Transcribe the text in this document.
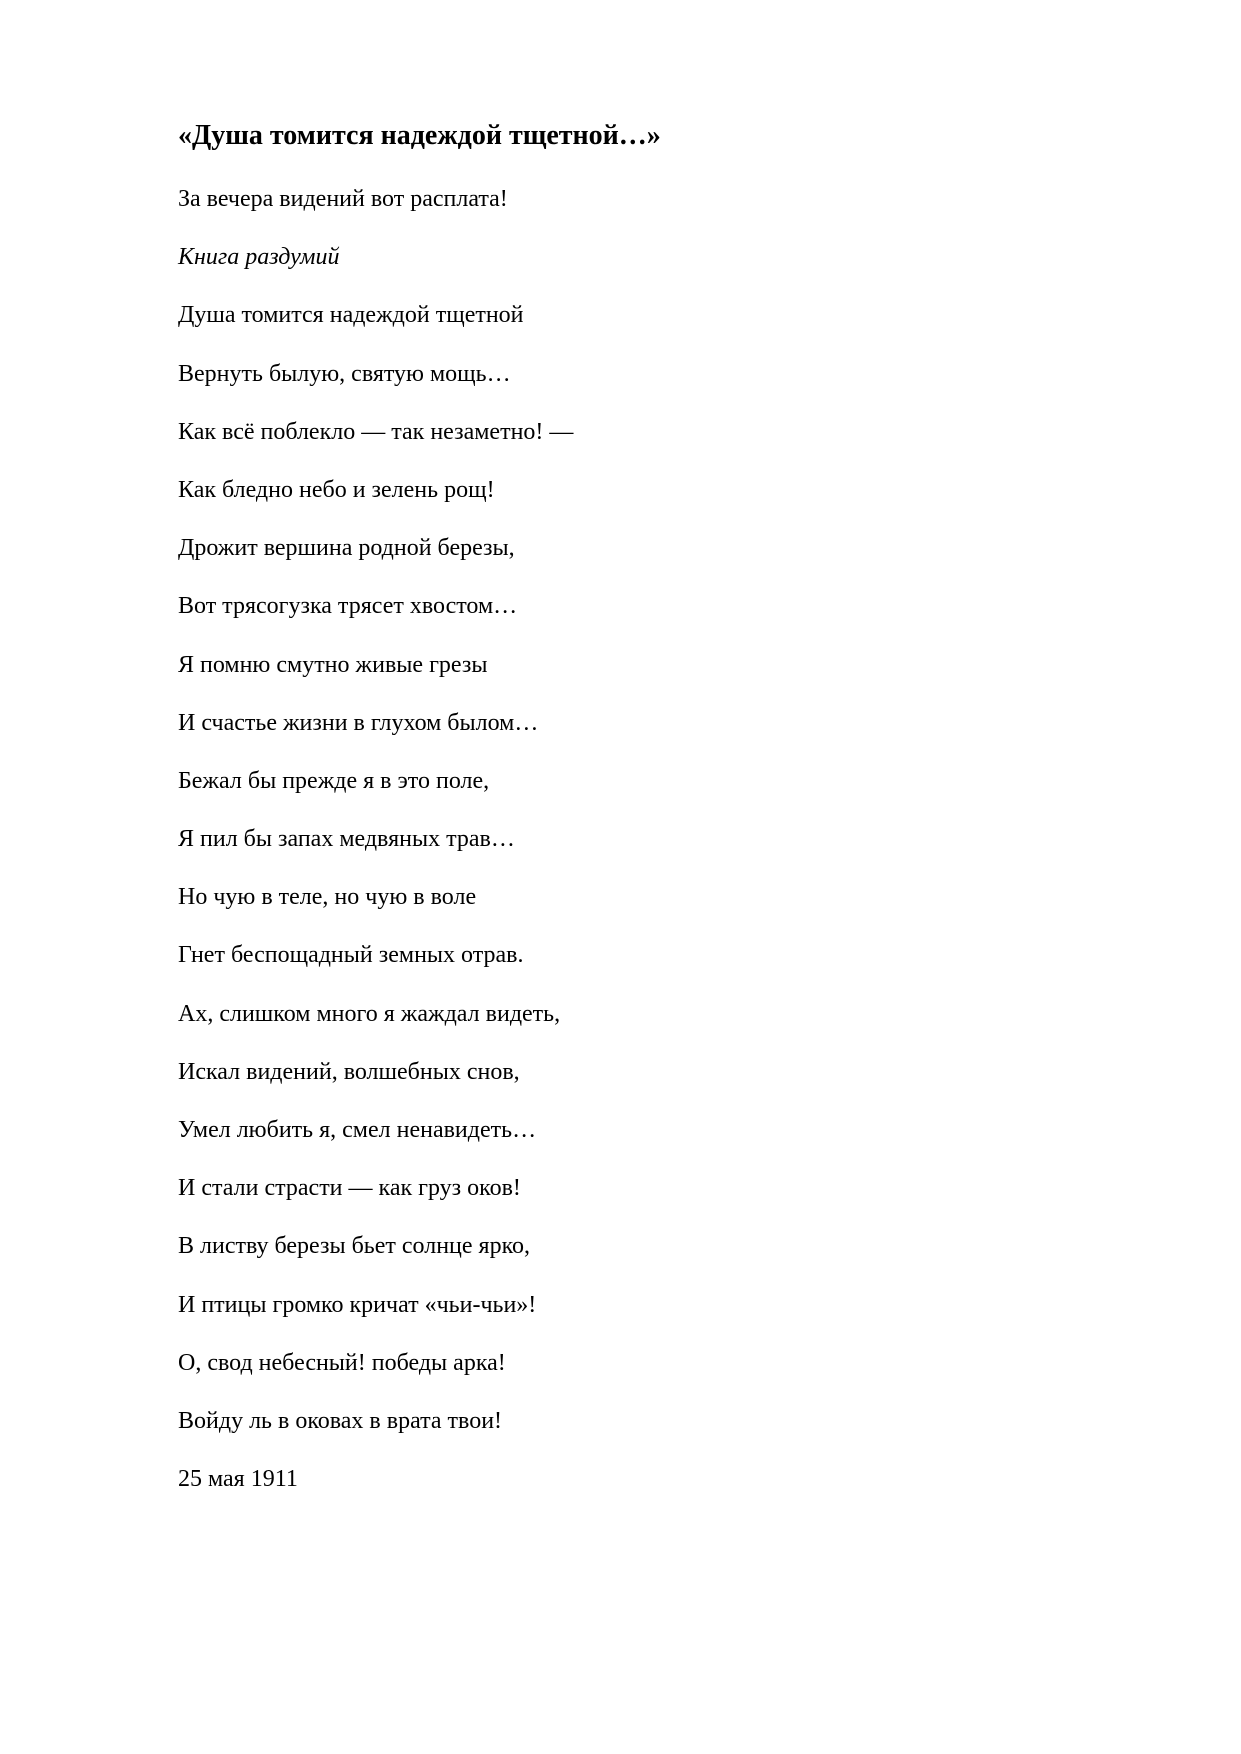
«Душа томится надеждой тщетной…»
За вечера видений вот расплата!
Книга раздумий
Душа томится надеждой тщетной
Вернуть былую, святую мощь…
Как всё поблекло — так незаметно! —
Как бледно небо и зелень рощ!
Дрожит вершина родной березы,
Вот трясогузка трясет хвостом…
Я помню смутно живые грезы
И счастье жизни в глухом былом…
Бежал бы прежде я в это поле,
Я пил бы запах медвяных трав…
Но чую в теле, но чую в воле
Гнет беспощадный земных отрав.
Ах, слишком много я жаждал видеть,
Искал видений, волшебных снов,
Умел любить я, смел ненавидеть…
И стали страсти — как груз оков!
В листву березы бьет солнце ярко,
И птицы громко кричат «чьи-чьи»!
О, свод небесный! победы арка!
Войду ль в оковах в врата твои!
25 мая 1911
